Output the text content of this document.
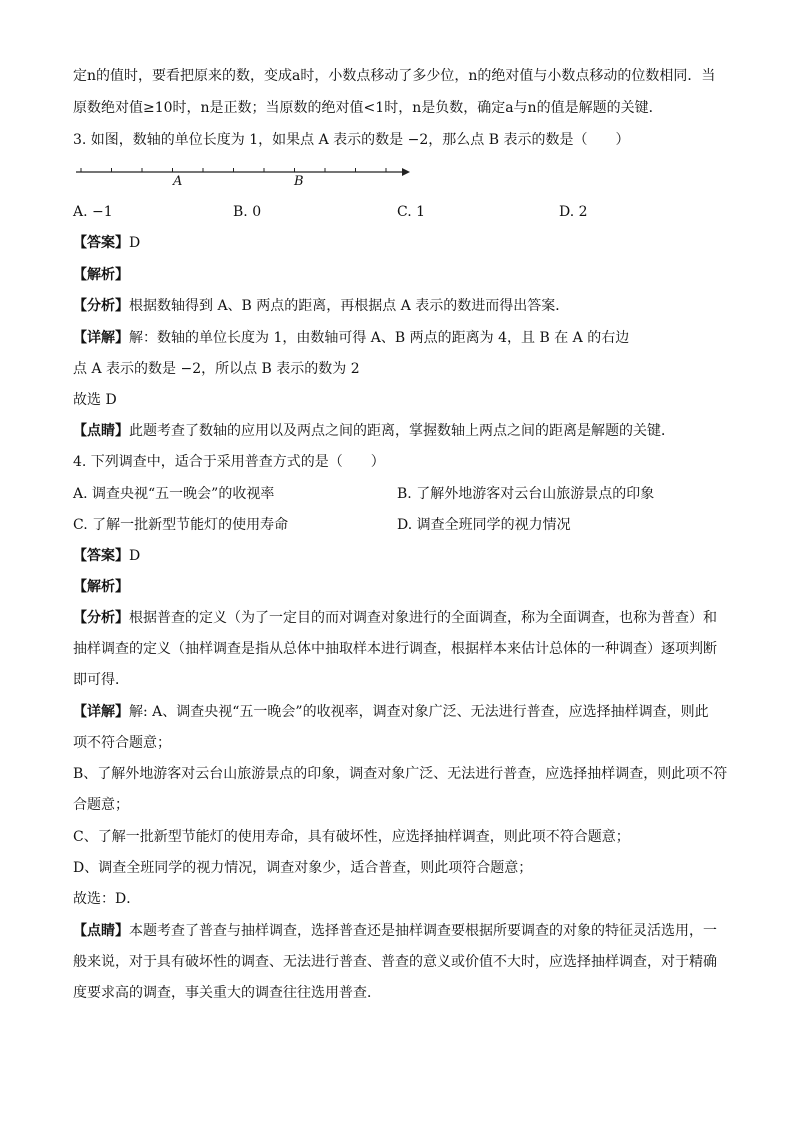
定n的值时，要看把原来的数，变成a时，小数点移动了多少位，n的绝对值与小数点移动的位数相同．当
原数绝对值≥10时，n是正数；当原数的绝对值<1时，n是负数，确定a与n的值是解题的关键．
3. 如图，数轴的单位长度为 1，如果点 A 表示的数是 −2，那么点 B 表示的数是（　　）
A	B
A. −1	B. 0	C. 1	D. 2
【答案】D
【解析】
【分析】根据数轴得到 A、B 两点的距离，再根据点 A 表示的数进而得出答案．
【详解】解：数轴的单位长度为 1，由数轴可得 A、B 两点的距离为 4，且 B 在 A 的右边
点 A 表示的数是 −2，所以点 B 表示的数为 2
故选 D
【点睛】此题考查了数轴的应用以及两点之间的距离，掌握数轴上两点之间的距离是解题的关键．
4. 下列调查中，适合于采用普查方式的是（　　）
A. 调查央视“五一晚会”的收视率	B. 了解外地游客对云台山旅游景点的印象
C. 了解一批新型节能灯的使用寿命	D. 调查全班同学的视力情况
【答案】D
【解析】
【分析】根据普查的定义（为了一定目的而对调查对象进行的全面调查，称为全面调查，也称为普查）和
抽样调查的定义（抽样调查是指从总体中抽取样本进行调查，根据样本来估计总体的一种调查）逐项判断
即可得．
【详解】解: A、调查央视“五一晚会”的收视率，调查对象广泛、无法进行普查，应选择抽样调查，则此
项不符合题意；
B、了解外地游客对云台山旅游景点的印象，调查对象广泛、无法进行普查，应选择抽样调查，则此项不符
合题意；
C、了解一批新型节能灯的使用寿命，具有破坏性，应选择抽样调查，则此项不符合题意；
D、调查全班同学的视力情况，调查对象少，适合普查，则此项符合题意；
故选：D．
【点睛】本题考查了普查与抽样调查，选择普查还是抽样调查要根据所要调查的对象的特征灵活选用，一
般来说，对于具有破坏性的调查、无法进行普查、普查的意义或价值不大时，应选择抽样调查，对于精确
度要求高的调查，事关重大的调查往往选用普查．
